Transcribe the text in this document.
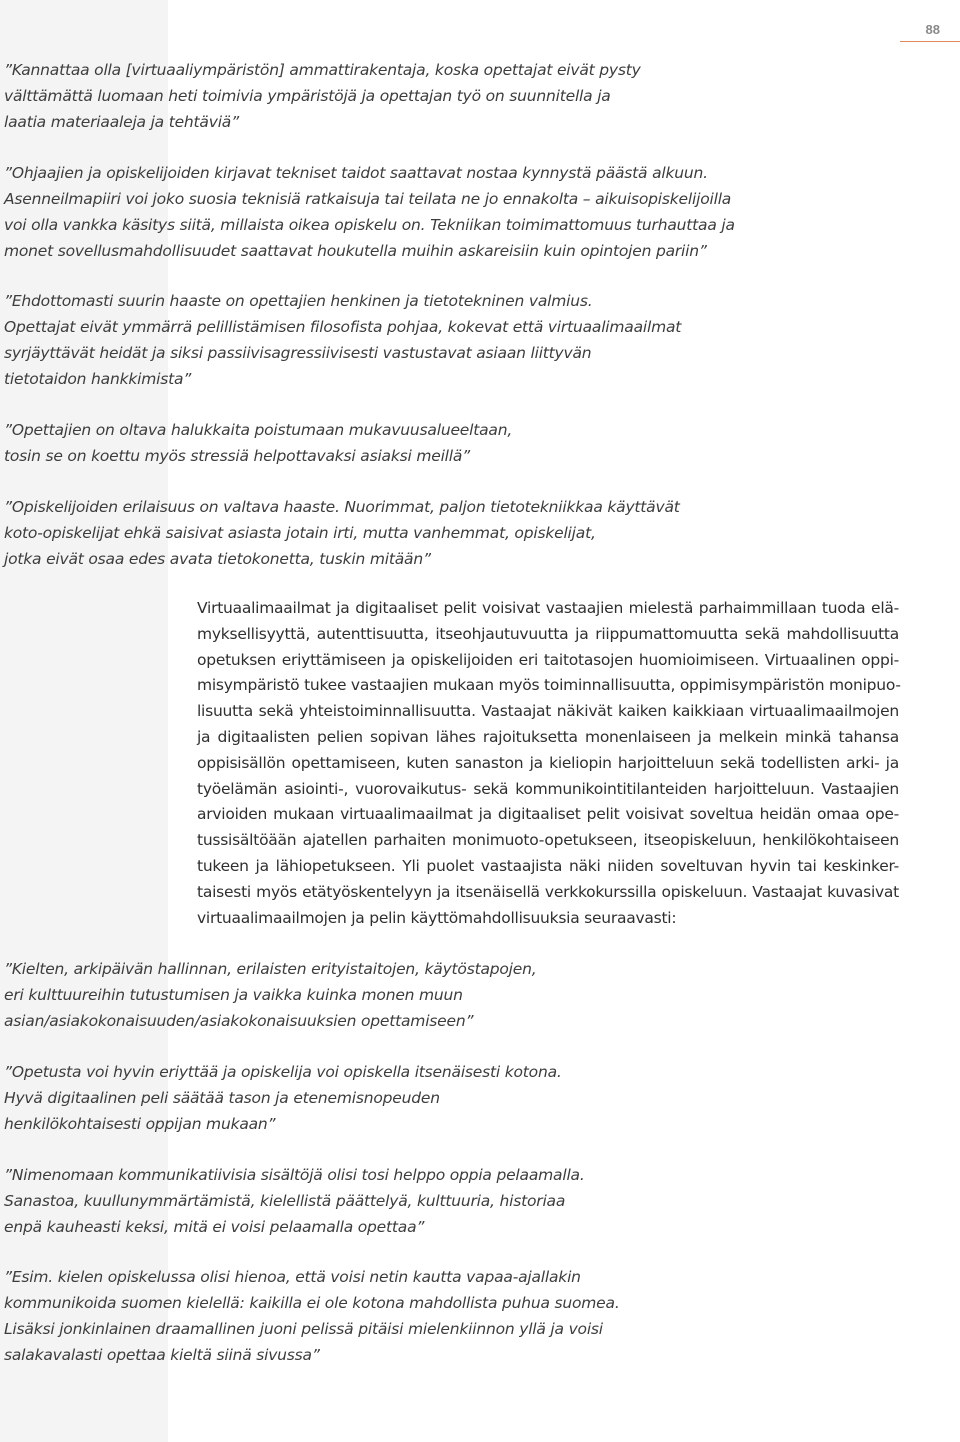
88
”Kannattaa olla [virtuaaliympäristön] ammattirakentaja, koska opettajat eivät pysty
välttämättä luomaan heti toimivia ympäristöjä ja opettajan työ on suunnitella ja
laatia materiaaleja ja tehtäviä”
”Ohjaajien ja opiskelijoiden kirjavat tekniset taidot saattavat nostaa kynnystä päästä alkuun.
Asenneilmapiiri voi joko suosia teknisiä ratkaisuja tai teilata ne jo ennakolta – aikuisopiskelijoilla
voi olla vankka käsitys siitä, millaista oikea opiskelu on. Tekniikan toimimattomuus turhauttaa ja
monet sovellusmahdollisuudet saattavat houkutella muihin askareisiin kuin opintojen pariin”
”Ehdottomasti suurin haaste on opettajien henkinen ja tietotekninen valmius.
Opettajat eivät ymmärrä pelillistämisen filosofista pohjaa, kokevat että virtuaalimaailmat
syrjäyttävät heidät ja siksi passiivisagressiivisesti vastustavat asiaan liittyvän
tietotaidon hankkimista”
”Opettajien on oltava halukkaita poistumaan mukavuusalueeltaan,
tosin se on koettu myös stressiä helpottavaksi asiaksi meillä”
”Opiskelijoiden erilaisuus on valtava haaste. Nuorimmat, paljon tietotekniikkaa käyttävät
koto-opiskelijat ehkä saisivat asiasta jotain irti, mutta vanhemmat, opiskelijat,
jotka eivät osaa edes avata tietokonetta, tuskin mitään”
Virtuaalimaailmat ja digitaaliset pelit voisivat vastaajien mielestä parhaimmillaan tuoda elä-
myksellisyyttä, autenttisuutta, itseohjautuvuutta ja riippumattomuutta sekä mahdollisuutta
opetuksen eriyttämiseen ja opiskelijoiden eri taitotasojen huomioimiseen. Virtuaalinen oppi-
misympäristö tukee vastaajien mukaan myös toiminnallisuutta, oppimisympäristön monipuo-
lisuutta sekä yhteistoiminnallisuutta. Vastaajat näkivät kaiken kaikkiaan virtuaalimaailmojen
ja digitaalisten pelien sopivan lähes rajoituksetta monenlaiseen ja melkein minkä tahansa
oppisisällön opettamiseen, kuten sanaston ja kieliopin harjoitteluun sekä todellisten arki- ja
työelämän asiointi-, vuorovaikutus- sekä kommunikointitilanteiden harjoitteluun. Vastaajien
arvioiden mukaan virtuaalimaailmat ja digitaaliset pelit voisivat soveltua heidän omaa ope-
tussisältöään ajatellen parhaiten monimuoto-opetukseen, itseopiskeluun, henkilökohtaiseen
tukeen ja lähiopetukseen. Yli puolet vastaajista näki niiden soveltuvan hyvin tai keskinker-
taisesti myös etätyöskentelyyn ja itsenäisellä verkkokurssilla opiskeluun. Vastaajat kuvasivat
virtuaalimaailmojen ja pelin käyttömahdollisuuksia seuraavasti:
”Kielten, arkipäivän hallinnan, erilaisten erityistaitojen, käytöstapojen,
eri kulttuureihin tutustumisen ja vaikka kuinka monen muun
asian/asiakokonaisuuden/asiakokonaisuuksien opettamiseen”
”Opetusta voi hyvin eriyttää ja opiskelija voi opiskella itsenäisesti kotona.
Hyvä digitaalinen peli säätää tason ja etenemisnopeuden
henkilökohtaisesti oppijan mukaan”
”Nimenomaan kommunikatiivisia sisältöjä olisi tosi helppo oppia pelaamalla.
Sanastoa, kuullunymmärtämistä, kielellistä päättelyä, kulttuuria, historiaa
enpä kauheasti keksi, mitä ei voisi pelaamalla opettaa”
”Esim. kielen opiskelussa olisi hienoa, että voisi netin kautta vapaa-ajallakin
kommunikoida suomen kielellä: kaikilla ei ole kotona mahdollista puhua suomea.
Lisäksi jonkinlainen draamallinen juoni pelissä pitäisi mielenkiinnon yllä ja voisi
salakavalasti opettaa kieltä siinä sivussa”
